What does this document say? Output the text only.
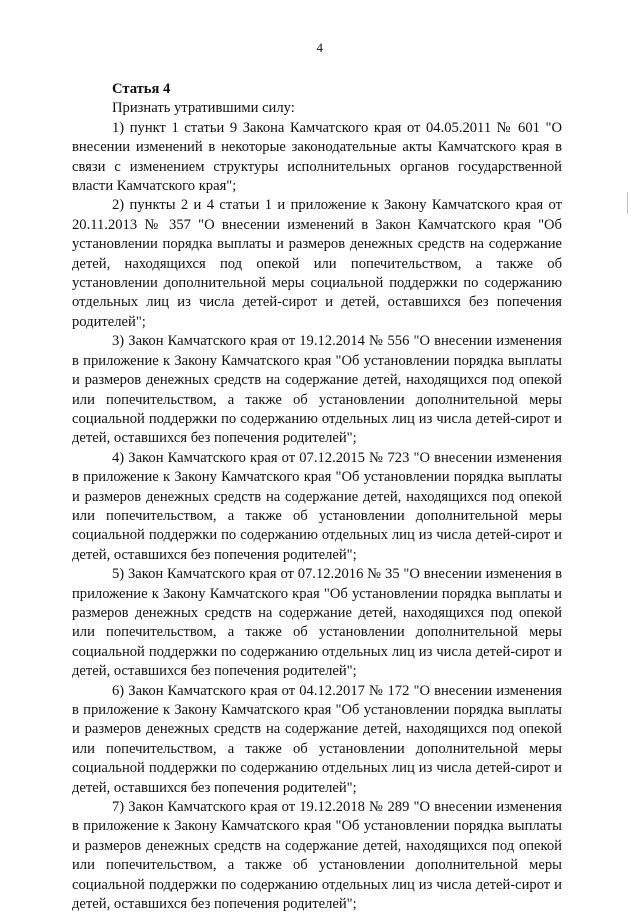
4

Статья 4

Признать утратившими силу:

1) пункт 1 статьи 9 Закона Камчатского края от 04.05.2011 № 601 "О внесении изменений в некоторые законодательные акты Камчатского края в связи с изменением структуры исполнительных органов государственной власти Камчатского края";

2) пункты 2 и 4 статьи 1 и приложение к Закону Камчатского края от 20.11.2013 № 357 "О внесении изменений в Закон Камчатского края "Об установлении порядка выплаты и размеров денежных средств на содержание детей, находящихся под опекой или попечительством, а также об установлении дополнительной меры социальной поддержки по содержанию отдельных лиц из числа детей-сирот и детей, оставшихся без попечения родителей";

3) Закон Камчатского края от 19.12.2014 № 556 "О внесении изменения в приложение к Закону Камчатского края "Об установлении порядка выплаты и размеров денежных средств на содержание детей, находящихся под опекой или попечительством, а также об установлении дополнительной меры социальной поддержки по содержанию отдельных лиц из числа детей-сирот и детей, оставшихся без попечения родителей";

4) Закон Камчатского края от 07.12.2015 № 723 "О внесении изменения в приложение к Закону Камчатского края "Об установлении порядка выплаты и размеров денежных средств на содержание детей, находящихся под опекой или попечительством, а также об установлении дополнительной меры социальной поддержки по содержанию отдельных лиц из числа детей-сирот и детей, оставшихся без попечения родителей";

5) Закон Камчатского края от 07.12.2016 № 35 "О внесении изменения в приложение к Закону Камчатского края "Об установлении порядка выплаты и размеров денежных средств на содержание детей, находящихся под опекой или попечительством, а также об установлении дополнительной меры социальной поддержки по содержанию отдельных лиц из числа детей-сирот и детей, оставшихся без попечения родителей";

6) Закон Камчатского края от 04.12.2017 № 172 "О внесении изменения в приложение к Закону Камчатского края "Об установлении порядка выплаты и размеров денежных средств на содержание детей, находящихся под опекой или попечительством, а также об установлении дополнительной меры социальной поддержки по содержанию отдельных лиц из числа детей-сирот и детей, оставшихся без попечения родителей";

7) Закон Камчатского края от 19.12.2018 № 289 "О внесении изменения в приложение к Закону Камчатского края "Об установлении порядка выплаты и размеров денежных средств на содержание детей, находящихся под опекой или попечительством, а также об установлении дополнительной меры социальной поддержки по содержанию отдельных лиц из числа детей-сирот и детей, оставшихся без попечения родителей";
